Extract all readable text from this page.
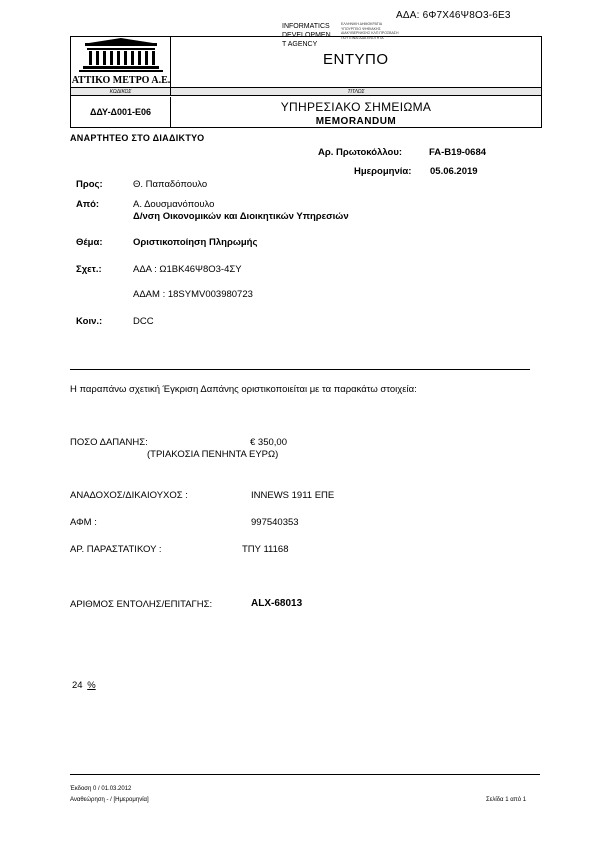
ΑΔΑ: 6Φ7Χ46Ψ8Ο3-6Ε3
INFORMATICS
DEVELOPMEN
T AGENCY
ΕΛΛΗΝΙΚΗ ΔΗΜΟΚΡΑΤΙΑ ΥΠΟΥΡΓΕΙΟ ΨΗΦΙΑΚΗΣ ΔΙΑΚΥΒΕΡΝΗΣΗΣ ΚΛΠ ΠΡΟΣΒΑΣΗ ΠΟΥ ΕΙΝΑΙ ΑΔΑ ΕΝΟΤΗΤΑ
ΑΤΤΙΚΟ ΜΕΤΡΟ Α.Ε.
ΕΝΤΥΠΟ
ΚΩΔΙΚΟΣ	ΤΙΤΛΟΣ
ΔΔΥ-Δ001-Ε06	ΥΠΗΡΕΣΙΑΚΟ ΣΗΜΕΙΩΜΑ
MEMORANDUM
ΑΝΑΡΤΗΤΕΟ ΣΤΟ ΔΙΑΔΙΚΤΥΟ
Αρ. Πρωτοκόλλου:	FA-B19-0684
Ημερομηνία: 05.06.2019
Προς:	Θ. Παπαδόπουλο
Από:	Α. Δουσμανόπουλο
Δ/νση Οικονομικών και Διοικητικών Υπηρεσιών
Θέμα:	Οριστικοποίηση Πληρωμής
Σχετ.:	ΑΔΑ : Ω1ΒΚ46Ψ8Ο3-4ΣΥ
ΑΔΑΜ : 18SYMV003980723
Κοιν.:	DCC
Η παραπάνω σχετική Έγκριση Δαπάνης οριστικοποιείται με τα παρακάτω στοιχεία:
ΠΟΣΟ ΔΑΠΑΝΗΣ:	€ 350,00
(ΤΡΙΑΚΟΣΙΑ ΠΕΝΗΝΤΑ ΕΥΡΩ)
ΑΝΑΔΟΧΟΣ/ΔΙΚΑΙΟΥΧΟΣ :	INNEWS 1911 ΕΠΕ
ΑΦΜ :	997540353
ΑΡ. ΠΑΡΑΣΤΑΤΙΚΟΥ :	ΤΠΥ 11168
ΑΡΙΘΜΟΣ ΕΝΤΟΛΗΣ/ΕΠΙΤΑΓΗΣ:	ALX-68013
24 %
Έκδοση 0 / 01.03.2012
Αναθεώρηση - / [Ημερομηνία]	Σελίδα 1 από 1
